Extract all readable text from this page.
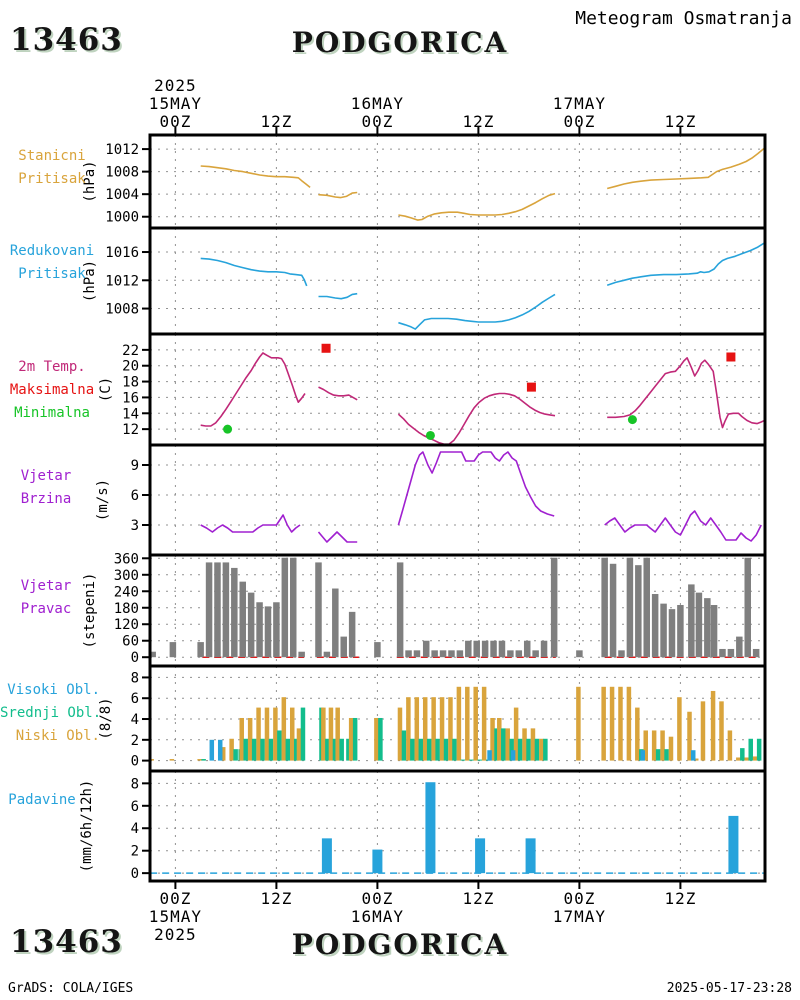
13463	PODGORICA
Meteogram Osmatranja
1000
1004
1008
1012
(hPa)
1008
1012
1016
(hPa)
12
14
16
18
20
22
(C)
3
6
9
(m/s)
0
60
120
180
240
300
360
(stepeni)
0
2
4
6
8
(8/8)
0
2
4
6
8
(mm/6h/12h)
00Z
15MAY
2025
12Z	00Z
16MAY
12Z	00Z
17MAY
12Z
00Z
15MAY
2025
12Z	00Z
16MAY
12Z	00Z
17MAY
12Z
Stanicni
Pritisak
Redukovani
Pritisak
2m Temp.
Maksimalna
Minimalna
Vjetar
Brzina
Vjetar
Pravac
Visoki Obl.
Srednji Obl.
Niski Obl.
Padavine
13463	PODGORICA
GrADS: COLA/IGES	2025-05-17-23:28
